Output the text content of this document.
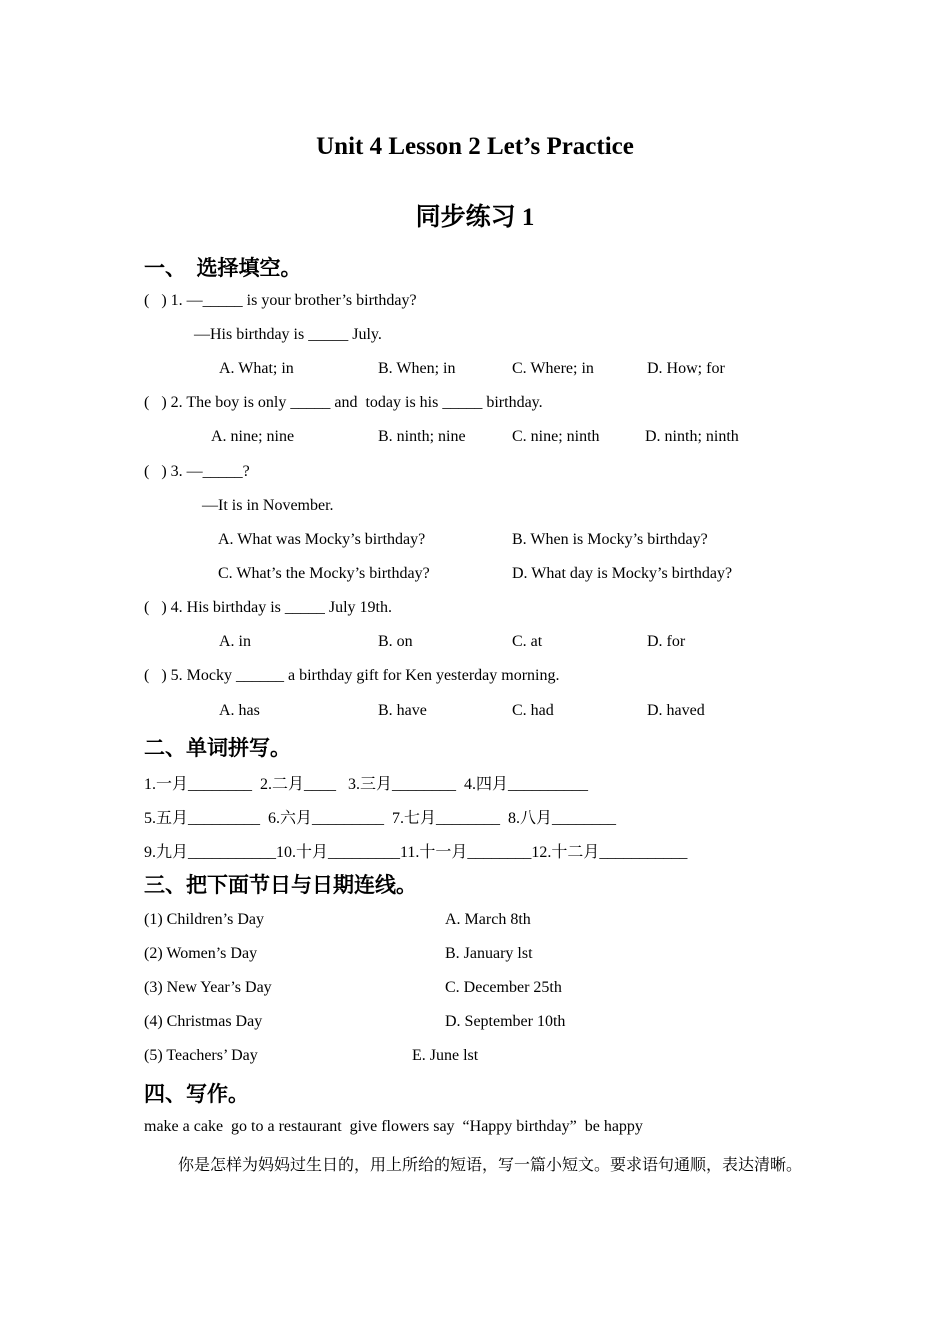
Unit 4 Lesson 2 Let’s Practice
同步练习 1
一、  选择填空。
(   ) 1. —_____ is your brother’s birthday?
—His birthday is _____ July.
A. What; in	B. When; in	C. Where; in	D. How; for
(   ) 2. The boy is only _____ and  today is his _____ birthday.
A. nine; nine	B. ninth; nine	C. nine; ninth	D. ninth; ninth
(   ) 3. —_____?
—It is in November.
A. What was Mocky’s birthday?	B. When is Mocky’s birthday?
C. What’s the Mocky’s birthday?	D. What day is Mocky’s birthday?
(   ) 4. His birthday is _____ July 19th.
A. in	B. on	C. at	D. for
(   ) 5. Mocky ______ a birthday gift for Ken yesterday morning.
A. has	B. have	C. had	D. haved
二、单词拼写。
1.一月________  2.二月____   3.三月________  4.四月__________
5.五月_________  6.六月_________  7.七月________  8.八月________
9.九月___________10.十月_________11.十一月________12.十二月___________
三、把下面节日与日期连线。
(1) Children’s Day	A. March 8th
(2) Women’s Day	B. January lst
(3) New Year’s Day	C. December 25th
(4) Christmas Day	D. September 10th
(5) Teachers’ Day	E. June lst
四、写作。
make a cake  go to a restaurant  give flowers say  “Happy birthday”  be happy
你是怎样为妈妈过生日的，用上所给的短语，写一篇小短文。要求语句通顺，表达清晰。
